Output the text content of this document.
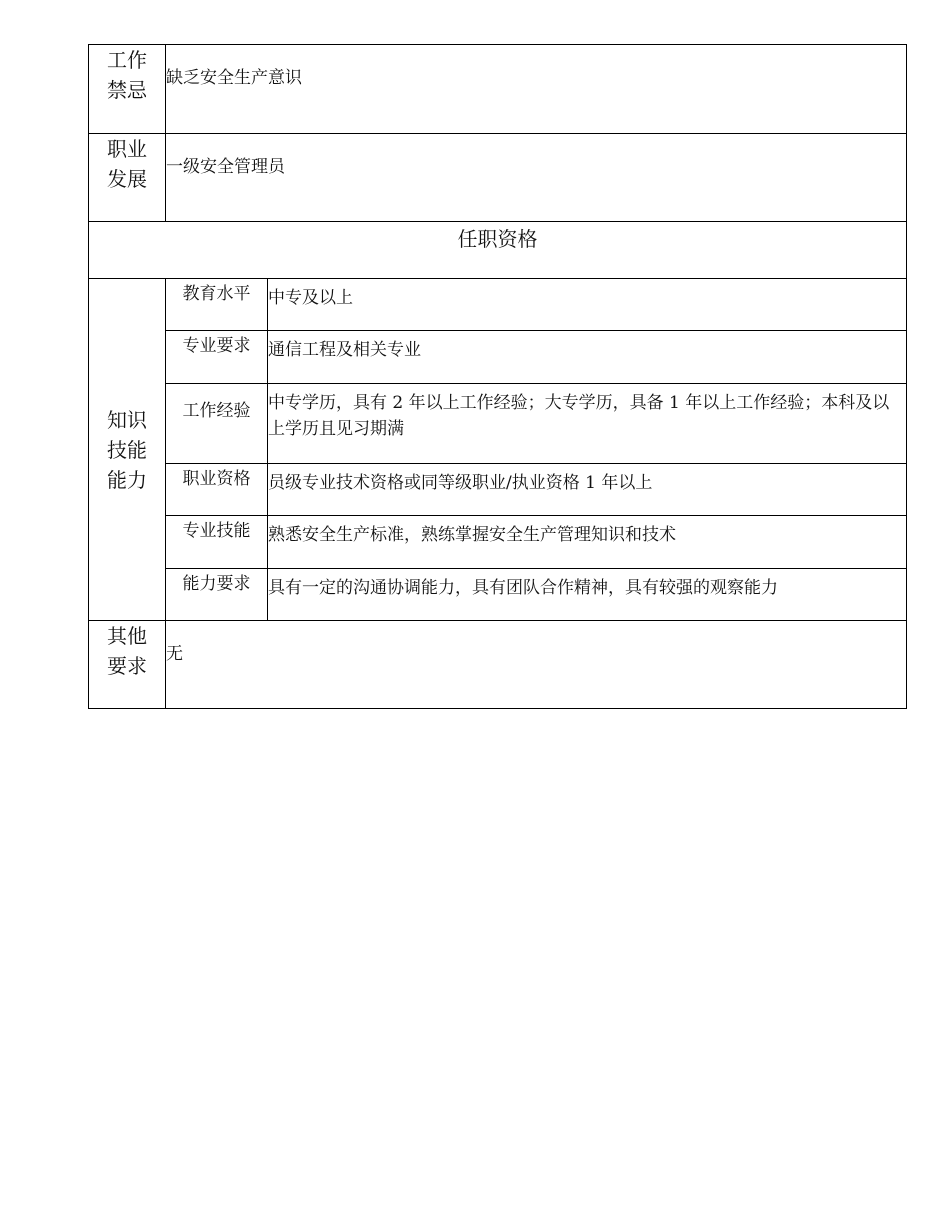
工作禁忌	缺乏安全生产意识	

职业发展	一级安全管理员	

任职资格		
知识技能能力	教育水平	中专及以上

	专业要求	通信工程及相关专业

	工作经验	中专学历，具有 2 年以上工作经验；大专学历，具备 1 年以上工作经验；本科及以上学历且见习期满

	职业资格	员级专业技术资格或同等级职业/执业资格 1 年以上

	专业技能	熟悉安全生产标准，熟练掌握安全生产管理知识和技术

	能力要求	具有一定的沟通协调能力，具有团队合作精神，具有较强的观察能力

其他要求	无	
